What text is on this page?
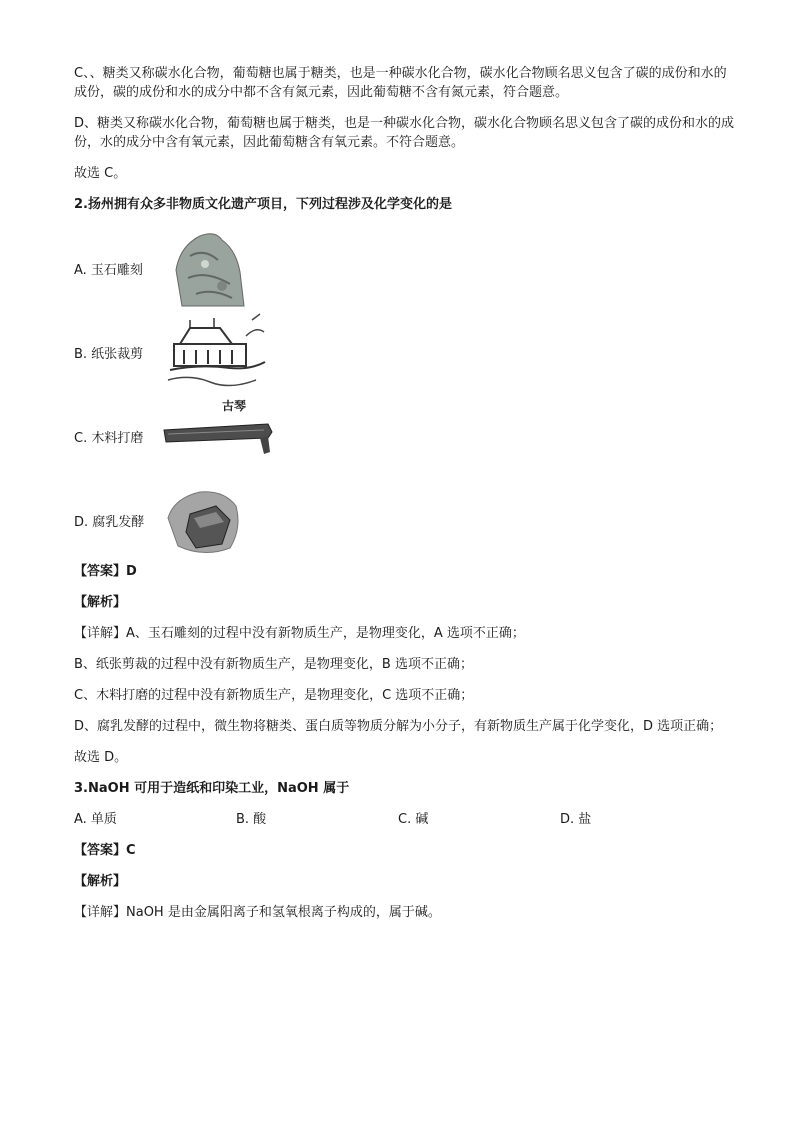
C、、糖类又称碳水化合物，葡萄糖也属于糖类，也是一种碳水化合物，碳水化合物顾名思义包含了碳的成份和水的成份，碳的成份和水的成分中都不含有氮元素，因此葡萄糖不含有氮元素，符合题意。

D、糖类又称碳水化合物，葡萄糖也属于糖类，也是一种碳水化合物，碳水化合物顾名思义包含了碳的成份和水的成份，水的成分中含有氧元素，因此葡萄糖含有氧元素。不符合题意。

故选 C。

2.扬州拥有众多非物质文化遗产项目，下列过程涉及化学变化的是

A. 玉石雕刻
B. 纸张裁剪
C. 木料打磨
古琴
D. 腐乳发酵

【答案】D

【解析】

【详解】A、玉石雕刻的过程中没有新物质生产，是物理变化，A 选项不正确；

B、纸张剪裁的过程中没有新物质生产，是物理变化，B 选项不正确；

C、木料打磨的过程中没有新物质生产，是物理变化，C 选项不正确；

D、腐乳发酵的过程中，微生物将糖类、蛋白质等物质分解为小分子，有新物质生产属于化学变化，D 选项正确；

故选 D。

3.NaOH 可用于造纸和印染工业，NaOH 属于

A. 单质	B. 酸	C. 碱	D. 盐

【答案】C

【解析】

【详解】NaOH 是由金属阳离子和氢氧根离子构成的，属于碱。
